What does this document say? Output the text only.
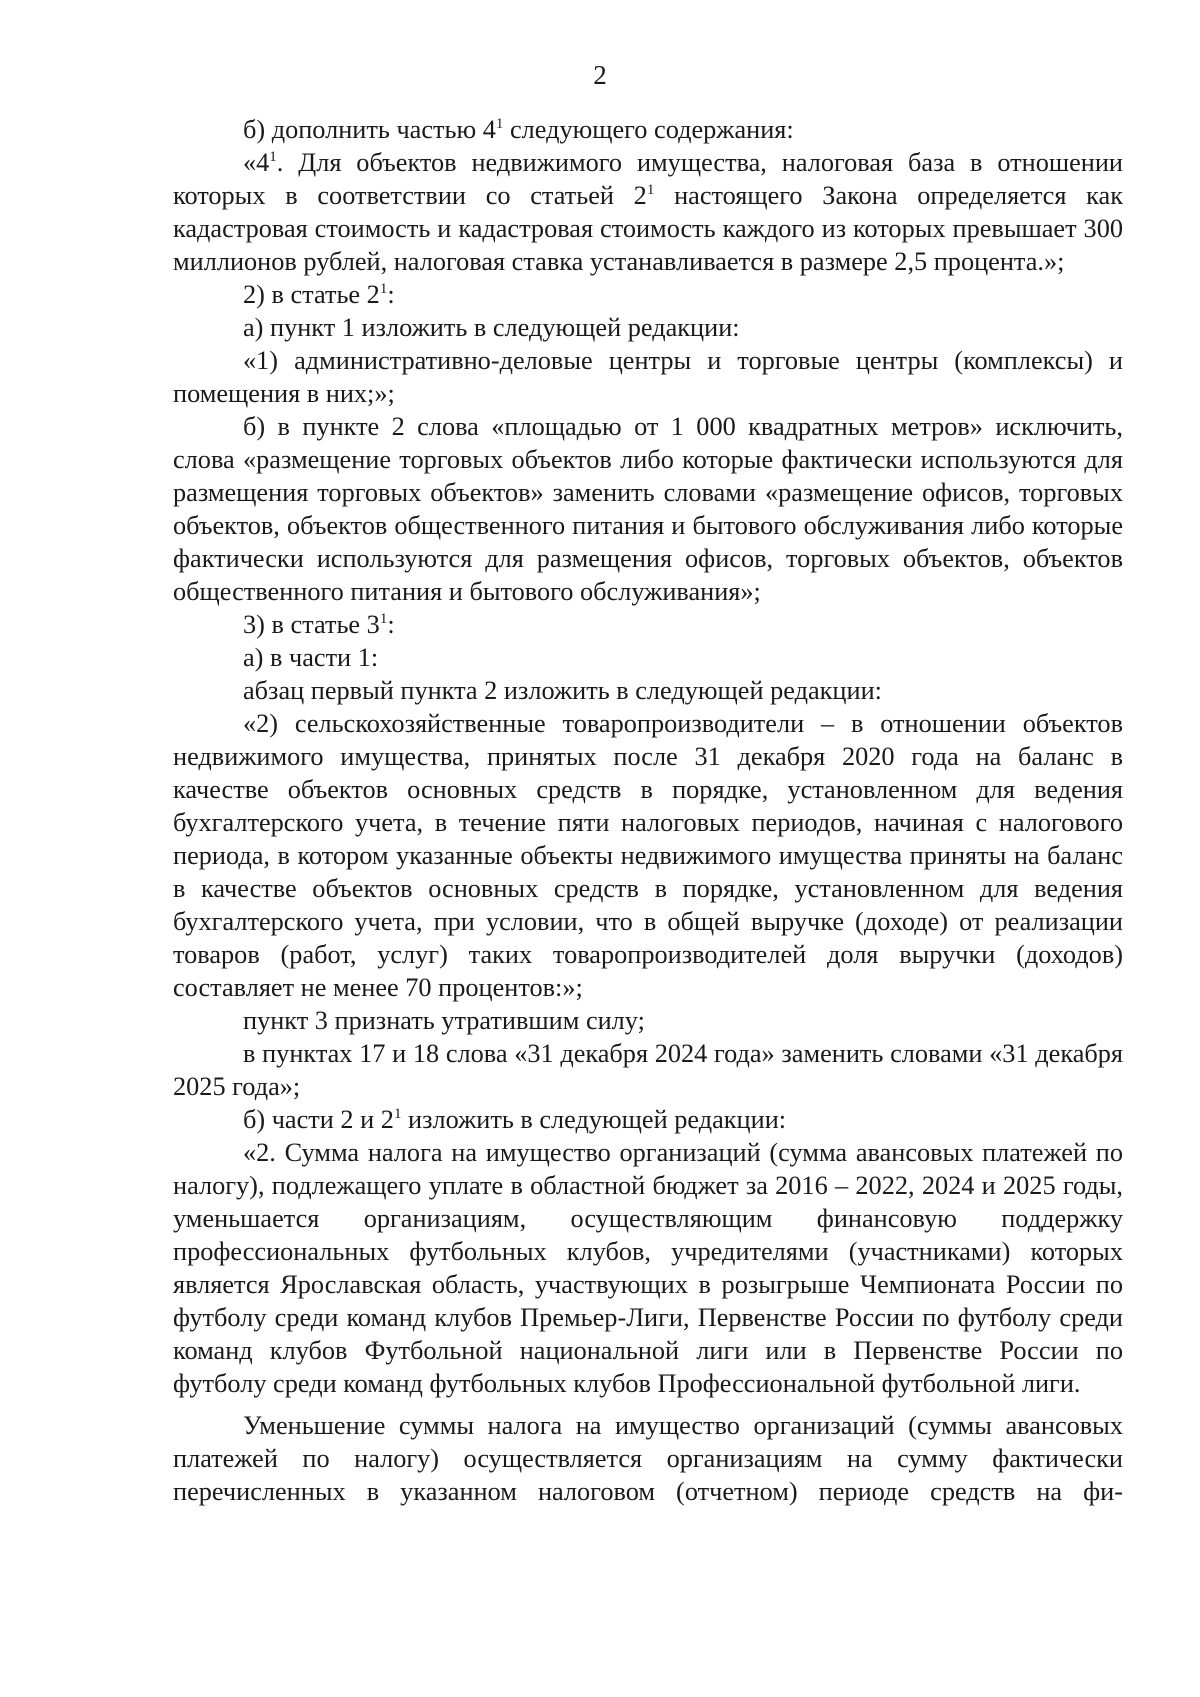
2

б) дополнить частью $4^1$ следующего содержания:

«$4^1$. Для объектов недвижимого имущества, налоговая база в отношении которых в соответствии со статьей $2^1$ настоящего Закона определяется как кадастровая стоимость и кадастровая стоимость каждого из которых превышает 300 миллионов рублей, налоговая ставка устанавливается в размере 2,5 процента.»;

2) в статье $2^1$:

а) пункт 1 изложить в следующей редакции:

«1) административно-деловые центры и торговые центры (комплексы) и помещения в них;»;

б) в пункте 2 слова «площадью от 1 000 квадратных метров» исключить, слова «размещение торговых объектов либо которые фактически используются для размещения торговых объектов» заменить словами «размещение офисов, торговых объектов, объектов общественного питания и бытового обслуживания либо которые фактически используются для размещения офисов, торговых объектов, объектов общественного питания и бытового обслуживания»;

3) в статье $3^1$:

а) в части 1:

абзац первый пункта 2 изложить в следующей редакции:

«2) сельскохозяйственные товаропроизводители – в отношении объектов недвижимого имущества, принятых после 31 декабря 2020 года на баланс в качестве объектов основных средств в порядке, установленном для ведения бухгалтерского учета, в течение пяти налоговых периодов, начиная с налогового периода, в котором указанные объекты недвижимого имущества приняты на баланс в качестве объектов основных средств в порядке, установленном для ведения бухгалтерского учета, при условии, что в общей выручке (доходе) от реализации товаров (работ, услуг) таких товаропроизводителей доля выручки (доходов) составляет не менее 70 процентов:»;

пункт 3 признать утратившим силу;

в пунктах 17 и 18 слова «31 декабря 2024 года» заменить словами «31 декабря 2025 года»;

б) части 2 и $2^1$ изложить в следующей редакции:

«2. Сумма налога на имущество организаций (сумма авансовых платежей по налогу), подлежащего уплате в областной бюджет за 2016 – 2022, 2024 и 2025 годы, уменьшается организациям, осуществляющим финансовую поддержку профессиональных футбольных клубов, учредителями (участниками) которых является Ярославская область, участвующих в розыгрыше Чемпионата России по футболу среди команд клубов Премьер-Лиги, Первенстве России по футболу среди команд клубов Футбольной национальной лиги или в Первенстве России по футболу среди команд футбольных клубов Профессиональной футбольной лиги.

Уменьшение суммы налога на имущество организаций (суммы авансовых платежей по налогу) осуществляется организациям на сумму фактически перечисленных в указанном налоговом (отчетном) периоде средств на фи-
